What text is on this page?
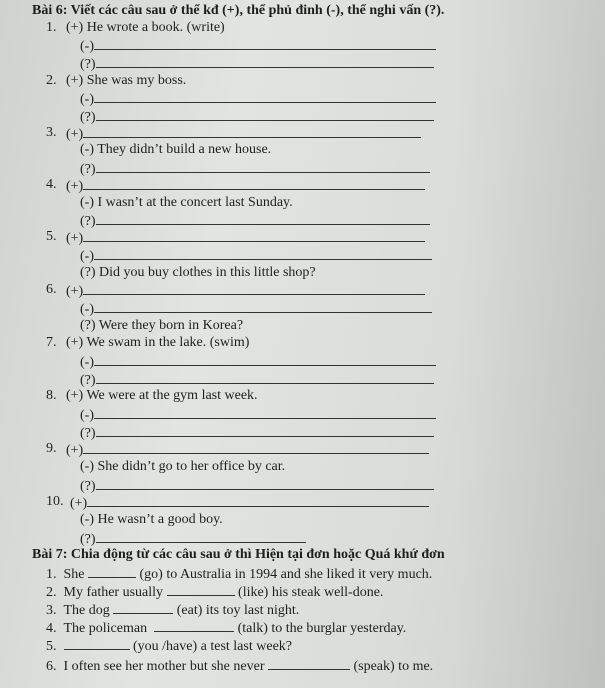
Bài 6: Viết các câu sau ở thể kđ (+), thể phủ đinh (-), thể nghi vấn (?).
1. (+) He wrote a book. (write)
(-)
(?)
2. (+) She was my boss.
(-)
(?)
3. (+)
(-) They didn’t build a new house.
(?)
4. (+)
(-) I wasn’t at the concert last Sunday.
(?)
5. (+)
(-)
(?) Did you buy clothes in this little shop?
6. (+)
(-)
(?) Were they born in Korea?
7. (+) We swam in the lake. (swim)
(-)
(?)
8. (+) We were at the gym last week.
(-)
(?)
9. (+)
(-) She didn’t go to her office by car.
(?)
10. (+)
(-) He wasn’t a good boy.
(?)
Bài 7: Chia động từ các câu sau ở thì Hiện tại đơn hoặc Quá khứ đơn
1. She	(go) to Australia in 1994 and she liked it very much.
2. My father usually	(like) his steak well-done.
3. The dog	(eat) its toy last night.
4. The policeman	(talk) to the burglar yesterday.
5.	(you /have) a test last week?
6. I often see her mother but she never	(speak) to me.
